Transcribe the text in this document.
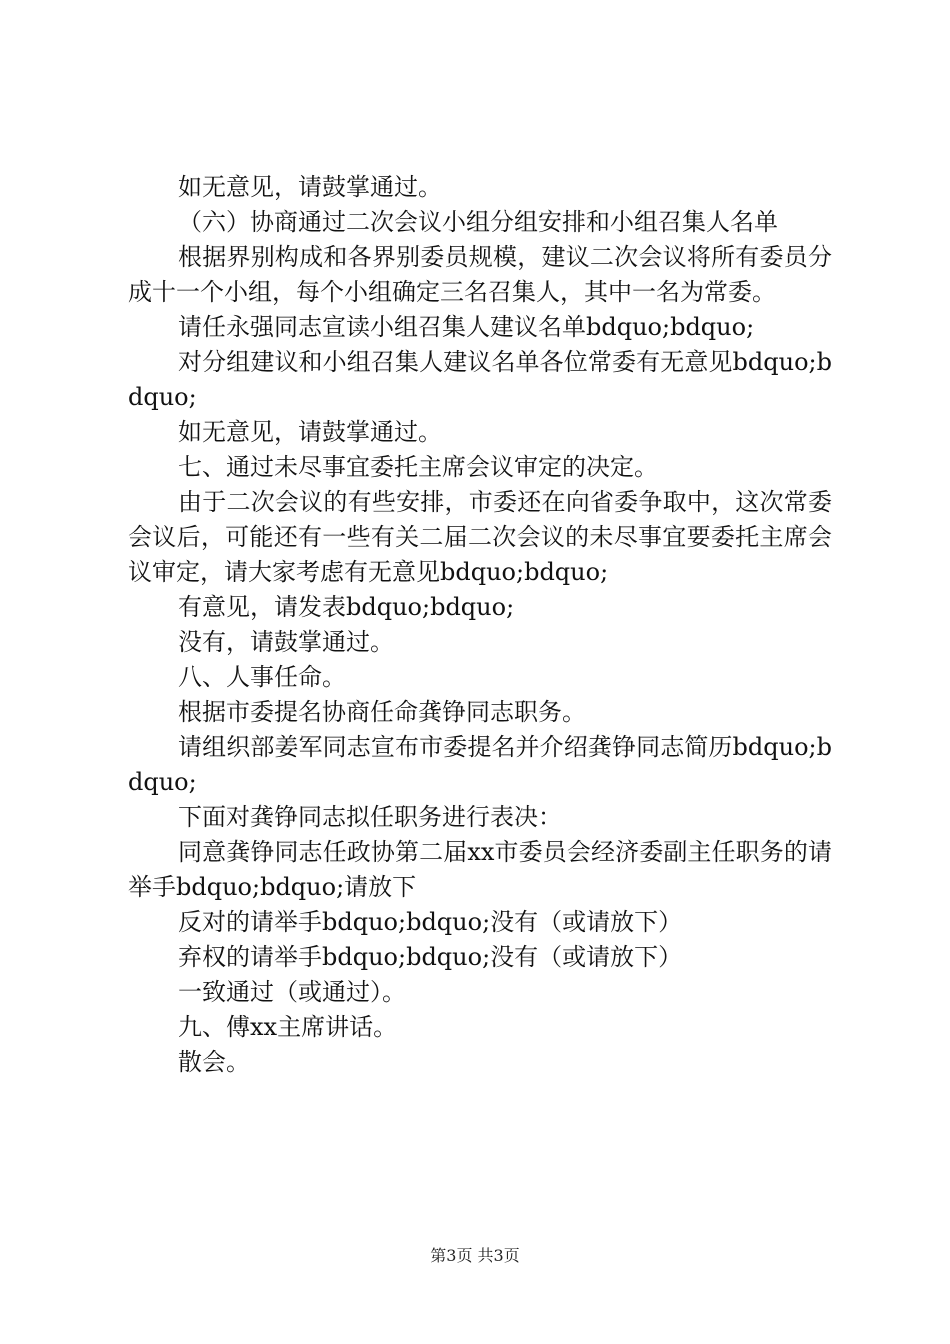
如无意见，请鼓掌通过。

（六）协商通过二次会议小组分组安排和小组召集人名单

根据界别构成和各界别委员规模，建议二次会议将所有委员分成十一个小组，每个小组确定三名召集人，其中一名为常委。

请任永强同志宣读小组召集人建议名单bdquo;bdquo;

对分组建议和小组召集人建议名单各位常委有无意见bdquo;bdquo;

如无意见，请鼓掌通过。

七、通过未尽事宜委托主席会议审定的决定。

由于二次会议的有些安排，市委还在向省委争取中，这次常委会议后，可能还有一些有关二届二次会议的未尽事宜要委托主席会议审定，请大家考虑有无意见bdquo;bdquo;

有意见，请发表bdquo;bdquo;

没有，请鼓掌通过。

八、人事任命。

根据市委提名协商任命龚铮同志职务。

请组织部姜军同志宣布市委提名并介绍龚铮同志简历bdquo;bdquo;

下面对龚铮同志拟任职务进行表决：

同意龚铮同志任政协第二届xx市委员会经济委副主任职务的请举手bdquo;bdquo;请放下

反对的请举手bdquo;bdquo;没有（或请放下）

弃权的请举手bdquo;bdquo;没有（或请放下）

一致通过（或通过）。

九、傅xx主席讲话。

散会。

第3页 共3页
